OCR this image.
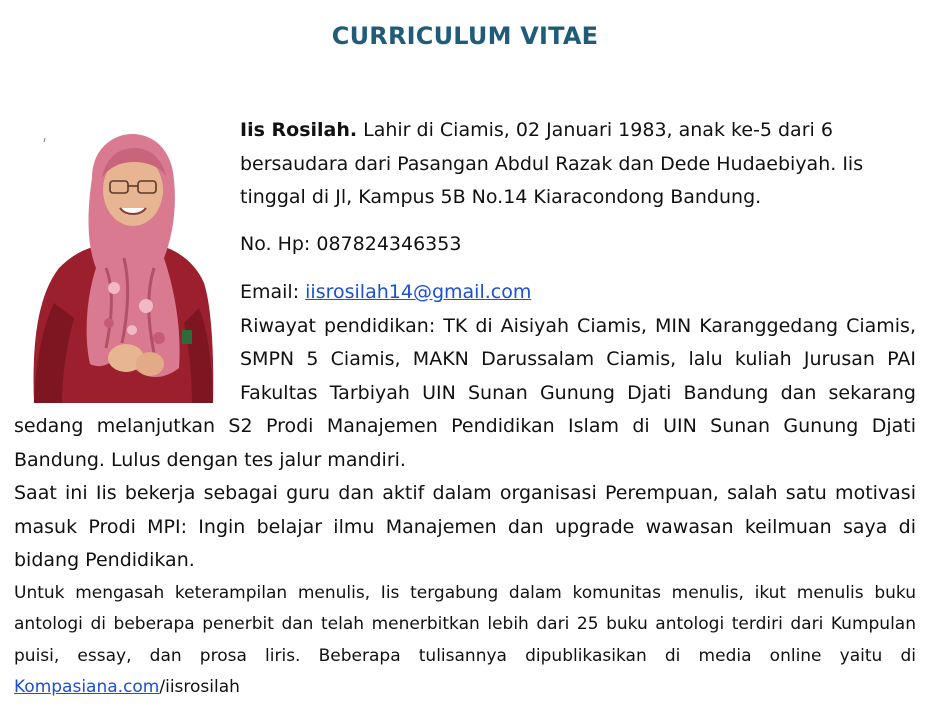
CURRICULUM VITAE

Iis Rosilah. Lahir di Ciamis, 02 Januari 1983, anak ke-5 dari 6 bersaudara dari Pasangan Abdul Razak dan Dede Hudaebiyah. Iis tinggal di Jl, Kampus 5B No.14 Kiaracondong Bandung.

No. Hp: 087824346353

Email: iisrosilah14@gmail.com

Riwayat pendidikan: TK di Aisiyah Ciamis, MIN Karanggedang Ciamis, SMPN 5 Ciamis, MAKN Darussalam Ciamis, lalu kuliah Jurusan PAI Fakultas Tarbiyah UIN Sunan Gunung Djati Bandung dan sekarang sedang melanjutkan S2 Prodi Manajemen Pendidikan Islam di UIN Sunan Gunung Djati Bandung. Lulus dengan tes jalur mandiri.

Saat ini Iis bekerja sebagai guru dan aktif dalam organisasi Perempuan, salah satu motivasi masuk Prodi MPI: Ingin belajar ilmu Manajemen dan upgrade wawasan keilmuan saya di bidang Pendidikan.

Untuk mengasah keterampilan menulis, Iis tergabung dalam komunitas menulis, ikut menulis buku antologi di beberapa penerbit dan telah menerbitkan lebih dari 25 buku antologi terdiri dari Kumpulan puisi, essay, dan prosa liris. Beberapa tulisannya dipublikasikan di media online yaitu di Kompasiana.com/iisrosilah
